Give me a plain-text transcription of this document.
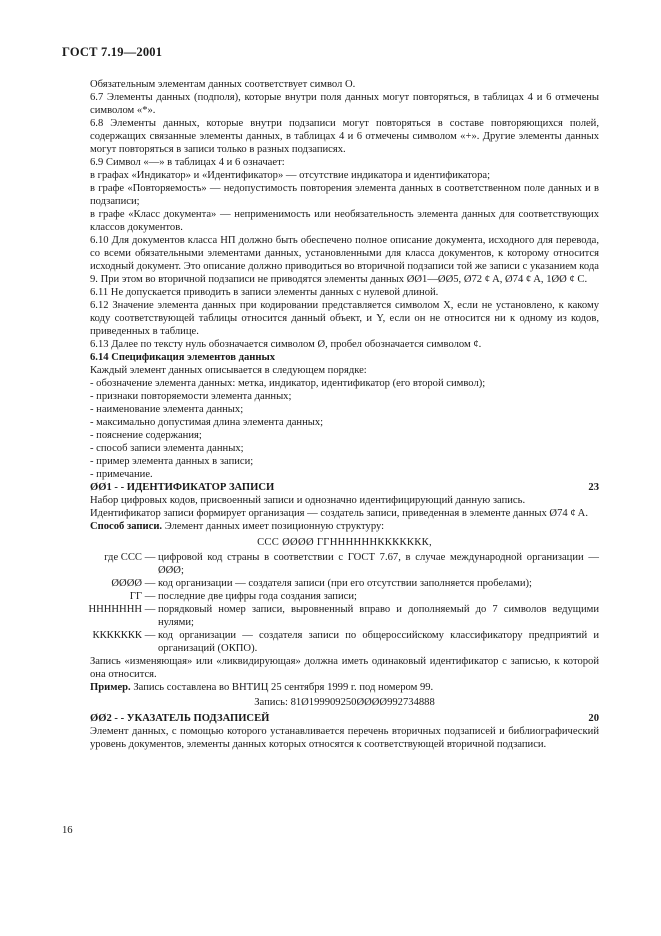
ГОСТ 7.19—2001

Обязательным элементам данных соответствует символ О.

6.7 Элементы данных (подполя), которые внутри поля данных могут повторяться, в таблицах 4 и 6 отмечены символом «*».

6.8 Элементы данных, которые внутри подзаписи могут повторяться в составе повторяющихся полей, содержащих связанные элементы данных, в таблицах 4 и 6 отмечены символом «+». Другие элементы данных могут повторяться в записи только в разных подзаписях.

6.9 Символ «—» в таблицах 4 и 6 означает:

в графах «Индикатор» и «Идентификатор» — отсутствие индикатора и идентификатора;

в графе «Повторяемость» — недопустимость повторения элемента данных в соответственном поле данных и в подзаписи;

в графе «Класс документа» — неприменимость или необязательность элемента данных для соответствующих классов документов.

6.10 Для документов класса НП должно быть обеспечено полное описание документа, исходного для перевода, со всеми обязательными элементами данных, установленными для класса документов, к которому относится исходный документ. Это описание должно приводиться во вторичной подзаписи той же записи с указанием кода 9. При этом во вторичной подзаписи не приводятся элементы данных ØØ1—ØØ5, Ø72 ȼ A, Ø74 ȼ A, 1ØØ ȼ C.

6.11 Не допускается приводить в записи элементы данных с нулевой длиной.

6.12 Значение элемента данных при кодировании представляется символом X, если не установлено, к какому коду соответствующей таблицы относится данный объект, и Y, если он не относится ни к одному из кодов, приведенных в таблице.

6.13 Далее по тексту нуль обозначается символом Ø, пробел обозначается символом ȼ.

6.14 Спецификация элементов данных

Каждый элемент данных описывается в следующем порядке:

- обозначение элемента данных: метка, индикатор, идентификатор (его второй символ);

- признаки повторяемости элемента данных;

- наименование элемента данных;

- максимально допустимая длина элемента данных;

- пояснение содержания;

- способ записи элемента данных;

- пример элемента данных в записи;

- примечание.

ØØ1 - - ИДЕНТИФИКАТОР ЗАПИСИ	23

Набор цифровых кодов, присвоенный записи и однозначно идентифицирующий данную запись.

Идентификатор записи формирует организация — создатель записи, приведенная в элементе данных Ø74 ȼ A.

Способ записи. Элемент данных имеет позиционную структуру:

CCC ØØØØ ГГННННННККККККК,
где CCC — цифровой код страны в соответствии с ГОСТ 7.67, в случае международной организации — ØØØ;
ØØØØ — код организации — создателя записи (при его отсутствии заполняется пробелами);
ГГ — последние две цифры года создания записи;
ННННННН — порядковый номер записи, выровненный вправо и дополняемый до 7 символов ведущими нулями;
ККККККК — код организации — создателя записи по общероссийскому классификатору предприятий и организаций (ОКПО).

Запись «изменяющая» или «ликвидирующая» должна иметь одинаковый идентификатор с записью, к которой она относится.

Пример. Запись составлена во ВНТИЦ 25 сентября 1999 г. под номером 99.

Запись: 81Ø199909250ØØØØ992734888
ØØ2 - - УКАЗАТЕЛЬ ПОДЗАПИСЕЙ	20

Элемент данных, с помощью которого устанавливается перечень вторичных подзаписей и библиографический уровень документов, элементы данных которых относятся к соответствующей вторичной подзаписи.

16
